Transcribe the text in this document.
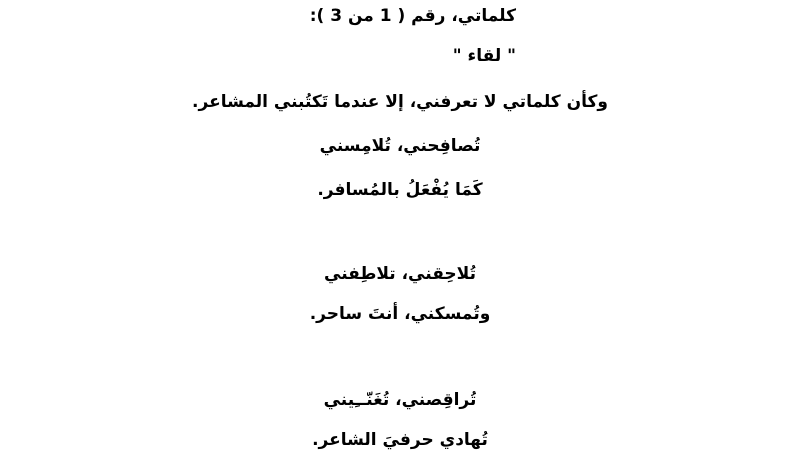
كلماتي، رقم ( 1 من 3 ):

" لقاء "

وكأن كلماتي لا تعرفني، إلا عندما تَكتُبني المشاعر.

تُصافِحني، تُلامِسني

كَمَا يُفْعَلُ بالمُسافر.

تُلاحِقني، تلاطِفني

وتُمسكني، أنتَ ساحر.

تُراقِصني، تُغَنّــِيني

تُهادي حرفيَ الشاعر.
